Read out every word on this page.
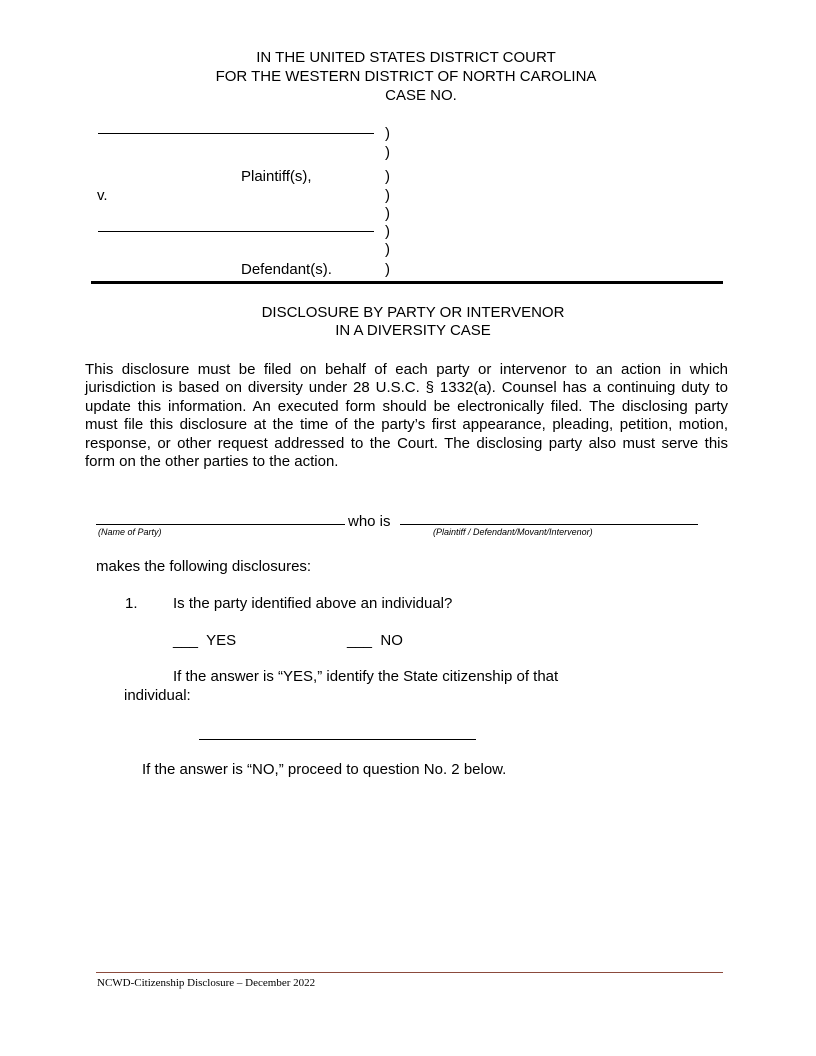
IN THE UNITED STATES DISTRICT COURT
FOR THE WESTERN DISTRICT OF NORTH CAROLINA
CASE NO.
Plaintiff(s),
v.
Defendant(s).
)
)
)
)
)
)
)
)
DISCLOSURE BY PARTY OR INTERVENOR
IN A DIVERSITY CASE

This disclosure must be filed on behalf of each party or intervenor to an action in which jurisdiction is based on diversity under 28 U.S.C. § 1332(a). Counsel has a continuing duty to update this information. An executed form should be electronically filed. The disclosing party must file this disclosure at the time of the party’s first appearance, pleading, petition, motion, response, or other request addressed to the Court. The disclosing party also must serve this form on the other parties to the action.

who is
(Name of Party)	(Plaintiff / Defendant/Movant/Intervenor)
makes the following disclosures:
1. Is the party identified above an individual?
___ YES	___ NO
If the answer is “YES,” identify the State citizenship of that
individual:
If the answer is “NO,” proceed to question No. 2 below.
NCWD-Citizenship Disclosure – December 2022
